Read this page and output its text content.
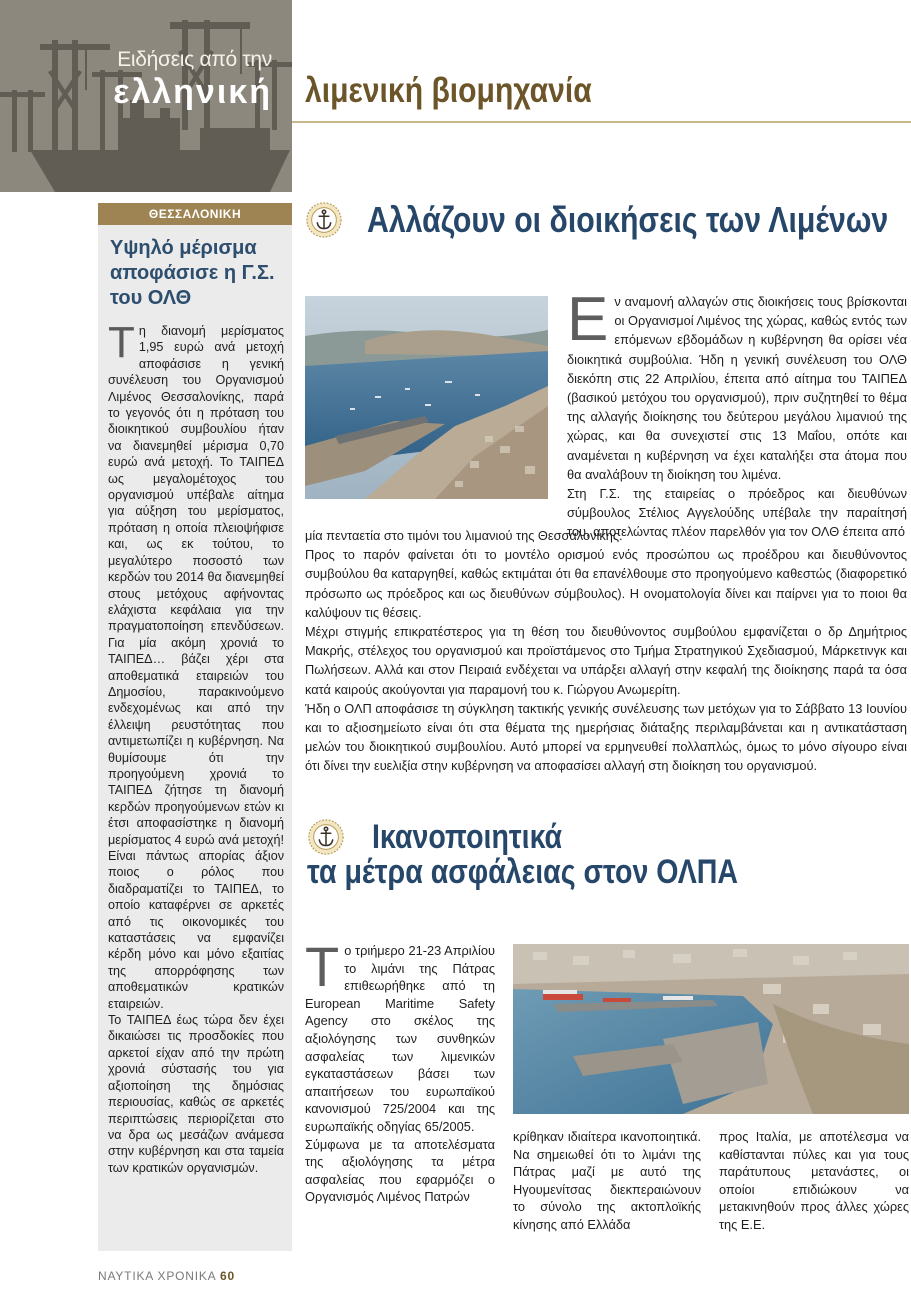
Ειδήσεις από την
ελληνική λιμενική βιομηχανία
ΘΕΣΣΑΛΟΝΙΚΗ
Υψηλό μέρισμα αποφάσισε η Γ.Σ. του ΟΛΘ

Τη διανομή μερίσματος 1,95 ευρώ ανά μετοχή αποφάσισε η γενική συνέλευση του Οργανισμού Λιμένος Θεσσαλονίκης, παρά το γεγονός ότι η πρόταση του διοικητικού συμβουλίου ήταν να διανεμηθεί μέρισμα 0,70 ευρώ ανά μετοχή. Το ΤΑΙΠΕΔ ως μεγαλομέτοχος του οργανισμού υπέβαλε αίτημα για αύξηση του μερίσματος, πρόταση η οποία πλειοψήφισε και, ως εκ τούτου, το μεγαλύτερο ποσοστό των κερδών του 2014 θα διανεμηθεί στους μετόχους αφήνοντας ελάχιστα κεφάλαια για την πραγματοποίηση επενδύσεων. Για μία ακόμη χρονιά το ΤΑΙΠΕΔ… βάζει χέρι στα αποθεματικά εταιρειών του Δημοσίου, παρακινούμενο ενδεχομένως και από την έλλειψη ρευστότητας που αντιμετωπίζει η κυβέρνηση. Να θυμίσουμε ότι την προηγούμενη χρονιά το ΤΑΙΠΕΔ ζήτησε τη διανομή κερδών προηγούμενων ετών κι έτσι αποφασίστηκε η διανομή μερίσματος 4 ευρώ ανά μετοχή! Είναι πάντως απορίας άξιον ποιος ο ρόλος που διαδραματίζει το ΤΑΙΠΕΔ, το οποίο καταφέρνει σε αρκετές από τις οικονομικές του καταστάσεις να εμφανίζει κέρδη μόνο και μόνο εξαιτίας της απορρόφησης των αποθεματικών κρατικών εταιρειών.

Το ΤΑΙΠΕΔ έως τώρα δεν έχει δικαιώσει τις προσδοκίες που αρκετοί είχαν από την πρώτη χρονιά σύστασής του για αξιοποίηση της δημόσιας περιουσίας, καθώς σε αρκετές περιπτώσεις περιορίζεται στο να δρα ως μεσάζων ανάμεσα στην κυβέρνηση και στα ταμεία των κρατικών οργανισμών.

Αλλάζουν οι διοικήσεις των Λιμένων

Εν αναμονή αλλαγών στις διοικήσεις τους βρίσκονται οι Οργανισμοί Λιμένος της χώρας, καθώς εντός των επόμενων εβδομάδων η κυβέρνηση θα ορίσει νέα διοικητικά συμβούλια. Ήδη η γενική συνέλευση του ΟΛΘ διεκόπη στις 22 Απριλίου, έπειτα από αίτημα του ΤΑΙΠΕΔ (βασικού μετόχου του οργανισμού), πριν συζητηθεί το θέμα της αλλαγής διοίκησης του δεύτερου μεγάλου λιμανιού της χώρας, και θα συνεχιστεί στις 13 Μαΐου, οπότε και αναμένεται η κυβέρνηση να έχει καταλήξει στα άτομα που θα αναλάβουν τη διοίκηση του λιμένα.

Στη Γ.Σ. της εταιρείας ο πρόεδρος και διευθύνων σύμβουλος Στέλιος Αγγελούδης υπέβαλε την παραίτησή του, αποτελώντας πλέον παρελθόν για τον ΟΛΘ έπειτα από

μία πενταετία στο τιμόνι του λιμανιού της Θεσσαλονίκης.

Προς το παρόν φαίνεται ότι το μοντέλο ορισμού ενός προσώπου ως προέδρου και διευθύνοντος συμβούλου θα καταργηθεί, καθώς εκτιμάται ότι θα επανέλθουμε στο προηγούμενο καθεστώς (διαφορετικό πρόσωπο ως πρόεδρος και ως διευθύνων σύμβουλος). Η ονοματολογία δίνει και παίρνει για το ποιοι θα καλύψουν τις θέσεις.

Μέχρι στιγμής επικρατέστερος για τη θέση του διευθύνοντος συμβούλου εμφανίζεται ο δρ Δημήτριος Μακρής, στέλεχος του οργανισμού και προϊστάμενος στο Τμήμα Στρατηγικού Σχεδιασμού, Μάρκετινγκ και Πωλήσεων. Αλλά και στον Πειραιά ενδέχεται να υπάρξει αλλαγή στην κεφαλή της διοίκησης παρά τα όσα κατά καιρούς ακούγονται για παραμονή του κ. Γιώργου Ανωμερίτη.

Ήδη ο ΟΛΠ αποφάσισε τη σύγκληση τακτικής γενικής συνέλευσης των μετόχων για το Σάββατο 13 Ιουνίου και το αξιοσημείωτο είναι ότι στα θέματα της ημερήσιας διάταξης περιλαμβάνεται και η αντικατάσταση μελών του διοικητικού συμβουλίου. Αυτό μπορεί να ερμηνευθεί πολλαπλώς, όμως το μόνο σίγουρο είναι ότι δίνει την ευελιξία στην κυβέρνηση να αποφασίσει αλλαγή στη διοίκηση του οργανισμού.

Ικανοποιητικά
τα μέτρα ασφάλειας στον ΟΛΠΑ

Το τριήμερο 21-23 Απριλίου το λιμάνι της Πάτρας επιθεωρήθηκε από τη European Maritime Safety Agency στο σκέλος της αξιολόγησης των συνθηκών ασφαλείας των λιμενικών εγκαταστάσεων βάσει των απαιτήσεων του ευρωπαϊκού κανονισμού 725/2004 και της ευρωπαϊκής οδηγίας 65/2005.

Σύμφωνα με τα αποτελέσματα της αξιολόγησης τα μέτρα ασφαλείας που εφαρμόζει ο Οργανισμός Λιμένος Πατρών

κρίθηκαν ιδιαίτερα ικανοποιητικά. Να σημειωθεί ότι το λιμάνι της Πάτρας μαζί με αυτό της Ηγουμενίτσας διεκπεραιώνουν το σύνολο της ακτοπλοϊκής κίνησης από Ελλάδα
προς Ιταλία, με αποτέλεσμα να καθίστανται πύλες και για τους παράτυπους μετανάστες, οι οποίοι επιδιώκουν να μετακινηθούν προς άλλες χώρες της Ε.Ε.
ΝΑΥΤΙΚΑ ΧΡΟΝΙΚΑ 60
